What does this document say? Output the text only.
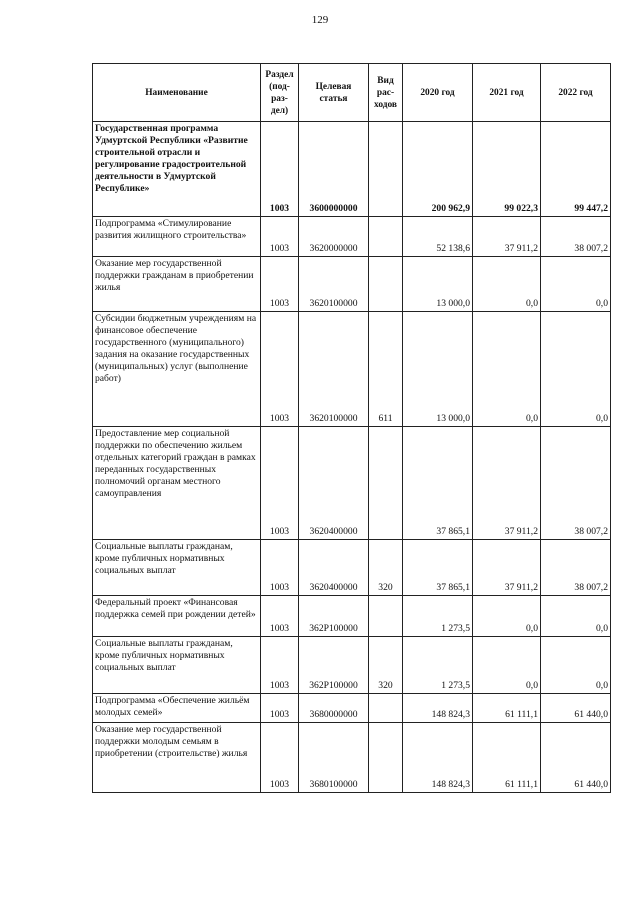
129
Наименование	Раздел (под-раз-дел)	Целевая статья	Вид рас-ходов	2020 год	2021 год	2022 год
Государственная программа Удмуртской Республики «Развитие строительной отрасли и регулирование градостроительной деятельности в Удмуртской Республике»	1003	3600000000		200 962,9	99 022,3	99 447,2
Подпрограмма «Стимулирование развития жилищного строительства»	1003	3620000000		52 138,6	37 911,2	38 007,2
Оказание мер государственной поддержки гражданам в приобретении жилья	1003	3620100000		13 000,0	0,0	0,0
Субсидии бюджетным учреждениям на финансовое обеспечение государственного (муниципального) задания на оказание государственных (муниципальных) услуг (выполнение работ)	1003	3620100000	611	13 000,0	0,0	0,0
Предоставление мер социальной поддержки по обеспечению жильем отдельных категорий граждан в рамках переданных государственных полномочий органам местного самоуправления	1003	3620400000		37 865,1	37 911,2	38 007,2
Социальные выплаты гражданам, кроме публичных нормативных социальных выплат	1003	3620400000	320	37 865,1	37 911,2	38 007,2
Федеральный проект «Финансовая поддержка семей при рождении детей»	1003	362P100000		1 273,5	0,0	0,0
Социальные выплаты гражданам, кроме публичных нормативных социальных выплат	1003	362P100000	320	1 273,5	0,0	0,0
Подпрограмма «Обеспечение жильём молодых семей»	1003	3680000000		148 824,3	61 111,1	61 440,0
Оказание мер государственной поддержки молодым семьям в приобретении (строительстве) жилья	1003	3680100000		148 824,3	61 111,1	61 440,0
